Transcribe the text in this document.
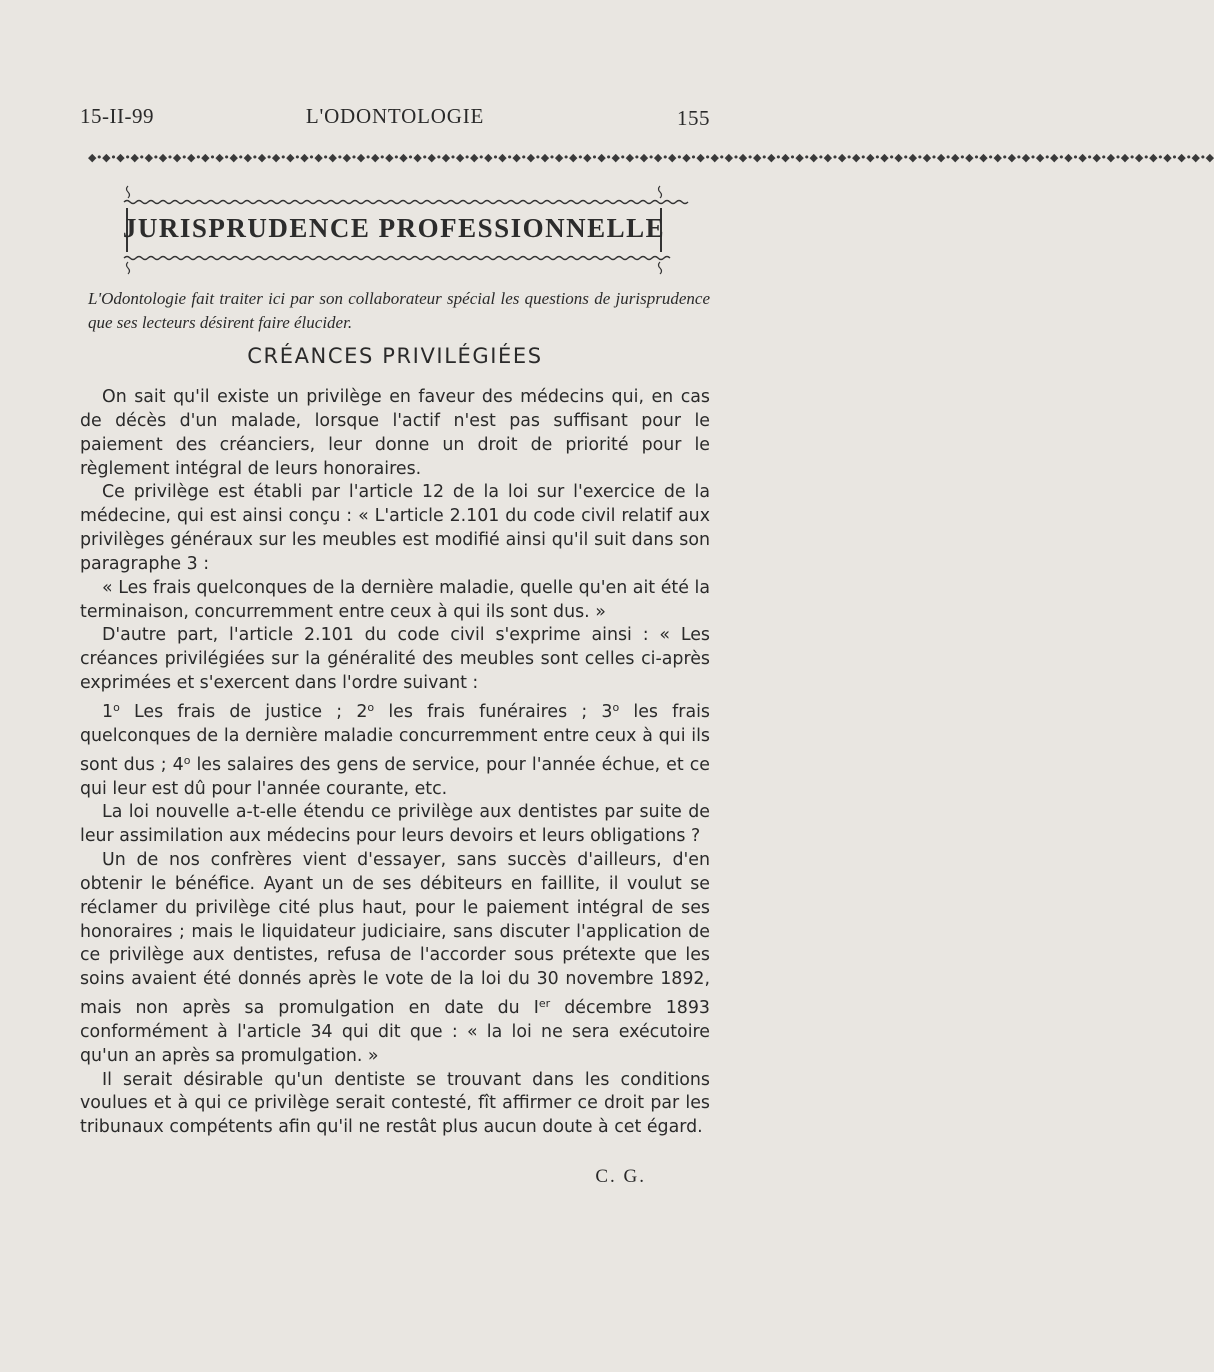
15-II-99	L'ODONTOLOGIE	155
◆•◆•◆•◆•◆•◆•◆•◆•◆•◆•◆•◆•◆•◆•◆•◆•◆•◆•◆•◆•◆•◆•◆•◆•◆•◆•◆•◆•◆•◆•◆•◆•◆•◆•◆•◆•◆•◆•◆•◆•◆•◆•◆•◆•◆•◆•◆•◆•◆•◆•◆•◆•◆•◆•◆•◆•◆•◆•◆•◆•◆•◆•◆•◆•◆•◆•◆•◆•◆•◆•◆•◆•◆•◆•◆•◆•◆•◆•◆•◆
JURISPRUDENCE PROFESSIONNELLE
L'Odontologie fait traiter ici par son collaborateur spécial les questions de jurisprudence que ses lecteurs désirent faire élucider.
CRÉANCES PRIVILÉGIÉES

On sait qu'il existe un privilège en faveur des médecins qui, en cas de décès d'un malade, lorsque l'actif n'est pas suffisant pour le paiement des créanciers, leur donne un droit de priorité pour le règlement intégral de leurs honoraires.

Ce privilège est établi par l'article 12 de la loi sur l'exercice de la médecine, qui est ainsi conçu : « L'article 2.101 du code civil relatif aux privilèges généraux sur les meubles est modifié ainsi qu'il suit dans son paragraphe 3 :

« Les frais quelconques de la dernière maladie, quelle qu'en ait été la terminaison, concurremment entre ceux à qui ils sont dus. »

D'autre part, l'article 2.101 du code civil s'exprime ainsi : « Les créances privilégiées sur la généralité des meubles sont celles ci-après exprimées et s'exercent dans l'ordre suivant :

1$^o$ Les frais de justice ; 2$^o$ les frais funéraires ; 3$^o$ les frais quelconques de la dernière maladie concurremment entre ceux à qui ils sont dus ; 4$^o$ les salaires des gens de service, pour l'année échue, et ce qui leur est dû pour l'année courante, etc.

La loi nouvelle a-t-elle étendu ce privilège aux dentistes par suite de leur assimilation aux médecins pour leurs devoirs et leurs obligations ?

Un de nos confrères vient d'essayer, sans succès d'ailleurs, d'en obtenir le bénéfice. Ayant un de ses débiteurs en faillite, il voulut se réclamer du privilège cité plus haut, pour le paiement intégral de ses honoraires ; mais le liquidateur judiciaire, sans discuter l'application de ce privilège aux dentistes, refusa de l'accorder sous prétexte que les soins avaient été donnés après le vote de la loi du 30 novembre 1892, mais non après sa promulgation en date du Ier décembre 1893 conformément à l'article 34 qui dit que : « la loi ne sera exécutoire qu'un an après sa promulgation. »

Il serait désirable qu'un dentiste se trouvant dans les conditions voulues et à qui ce privilège serait contesté, fît affirmer ce droit par les tribunaux compétents afin qu'il ne restât plus aucun doute à cet égard.

C. G.
